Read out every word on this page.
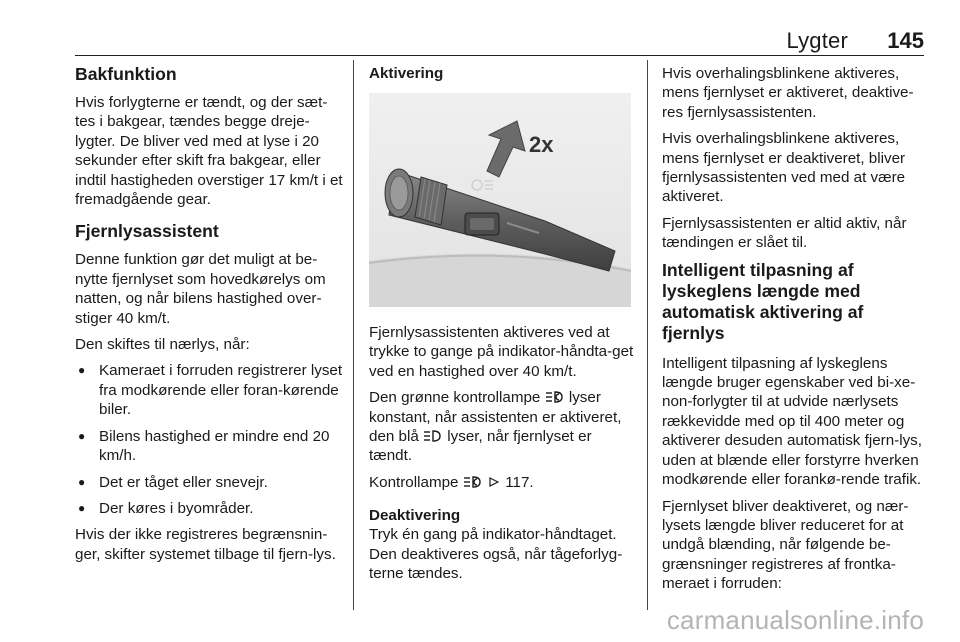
Lygter 145
Bakfunktion

Hvis forlygterne er tændt, og der sæt-tes i bakgear, tændes begge dreje-lygter. De bliver ved med at lyse i 20 sekunder efter skift fra bakgear, eller indtil hastigheden overstiger 17 km/t i et fremadgående gear.

Fjernlysassistent

Denne funktion gør det muligt at be-nytte fjernlyset som hovedkørelys om natten, og når bilens hastighed over-stiger 40 km/t.

Den skiftes til nærlys, når:

● Kameraet i forruden registrerer lyset fra modkørende eller foran-kørende biler.
● Bilens hastighed er mindre end 20 km/h.
● Det er tåget eller snevejr.
● Der køres i byområder.

Hvis der ikke registreres begrænsnin-ger, skifter systemet tilbage til fjern-lys.

Aktivering
2x

Fjernlysassistenten aktiveres ved at trykke to gange på indikator-håndta-get ved en hastighed over 40 km/t.

Den grønne kontrollampe lyser konstant, når assistenten er aktiveret, den blå lyser, når fjernlyset er tændt.

Kontrollampe	117.

Deaktivering

Tryk én gang på indikator-håndtaget. Den deaktiveres også, når tågeforlyg-terne tændes.

Hvis overhalingsblinkene aktiveres, mens fjernlyset er aktiveret, deaktive-res fjernlysassistenten.

Hvis overhalingsblinkene aktiveres, mens fjernlyset er deaktiveret, bliver fjernlysassistenten ved med at være aktiveret.

Fjernlysassistenten er altid aktiv, når tændingen er slået til.

Intelligent tilpasning af lyskeglens længde med automatisk aktivering af fjernlys

Intelligent tilpasning af lyskeglens længde bruger egenskaber ved bi-xe-non-forlygter til at udvide nærlysets rækkevidde med op til 400 meter og aktiverer desuden automatisk fjern-lys, uden at blænde eller forstyrre hverken modkørende eller forankø-rende trafik.

Fjernlyset bliver deaktiveret, og nær-lysets længde bliver reduceret for at undgå blænding, når følgende be-grænsninger registreres af frontka-meraet i forruden:

carmanualsonline.info
